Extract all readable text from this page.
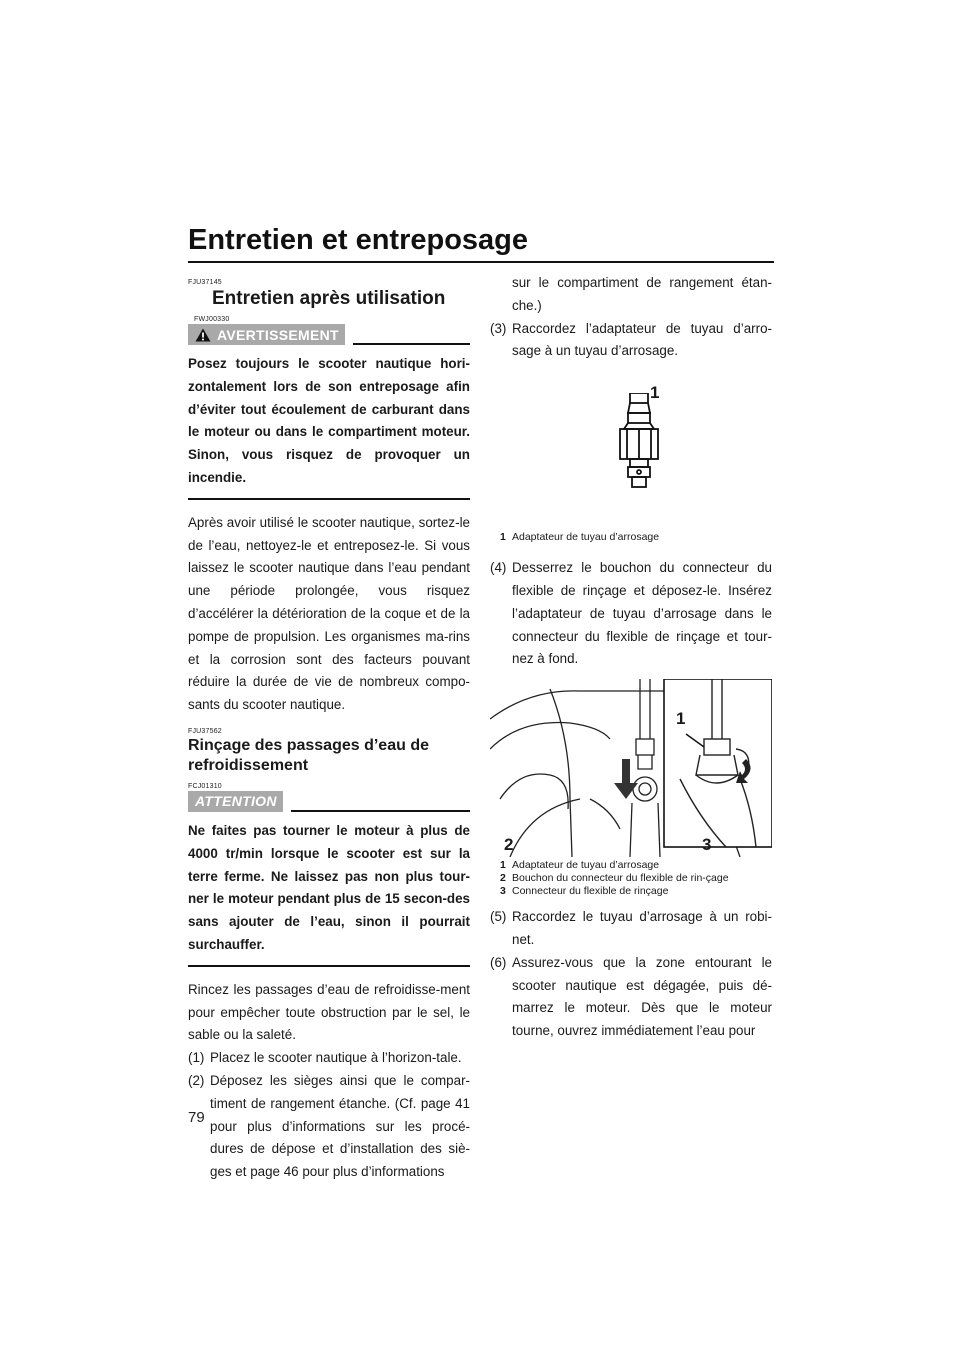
Entretien et entreposage
FJU37145
Entretien après utilisation
FWJ00330
AVERTISSEMENT

Posez toujours le scooter nautique hori-zontalement lors de son entreposage afin d’éviter tout écoulement de carburant dans le moteur ou dans le compartiment moteur. Sinon, vous risquez de provoquer un incendie.

Après avoir utilisé le scooter nautique, sortez-le de l’eau, nettoyez-le et entreposez-le. Si vous laissez le scooter nautique dans l’eau pendant une période prolongée, vous risquez d’accélérer la détérioration de la coque et de la pompe de propulsion. Les organismes ma-rins et la corrosion sont des facteurs pouvant réduire la durée de vie de nombreux compo-sants du scooter nautique.

FJU37562
Rinçage des passages d’eau de refroidissement
FCJ01310
ATTENTION

Ne faites pas tourner le moteur à plus de 4000 tr/min lorsque le scooter est sur la terre ferme. Ne laissez pas non plus tour-ner le moteur pendant plus de 15 secon-des sans ajouter de l’eau, sinon il pourrait surchauffer.

Rincez les passages d’eau de refroidisse-ment pour empêcher toute obstruction par le sel, le sable ou la saleté.

(1) Placez le scooter nautique à l’horizon-tale.
(2) Déposez les sièges ainsi que le compar-timent de rangement étanche. (Cf. page 41 pour plus d’informations sur les procé-dures de dépose et d’installation des siè-ges et page 46 pour plus d’informations

sur le compartiment de rangement étan-che.)

(3) Raccordez l’adaptateur de tuyau d’arro-sage à un tuyau d’arrosage.
1

1 Adaptateur de tuyau d’arrosage

(4) Desserrez le bouchon du connecteur du flexible de rinçage et déposez-le. Insérez l’adaptateur de tuyau d’arrosage dans le connecteur du flexible de rinçage et tour-nez à fond.
1
2	3

1 Adaptateur de tuyau d’arrosage

2 Bouchon du connecteur du flexible de rin-çage

3 Connecteur du flexible de rinçage

(5) Raccordez le tuyau d’arrosage à un robi-net.
(6) Assurez-vous que la zone entourant le scooter nautique est dégagée, puis dé-marrez le moteur. Dès que le moteur tourne, ouvrez immédiatement l’eau pour
79
